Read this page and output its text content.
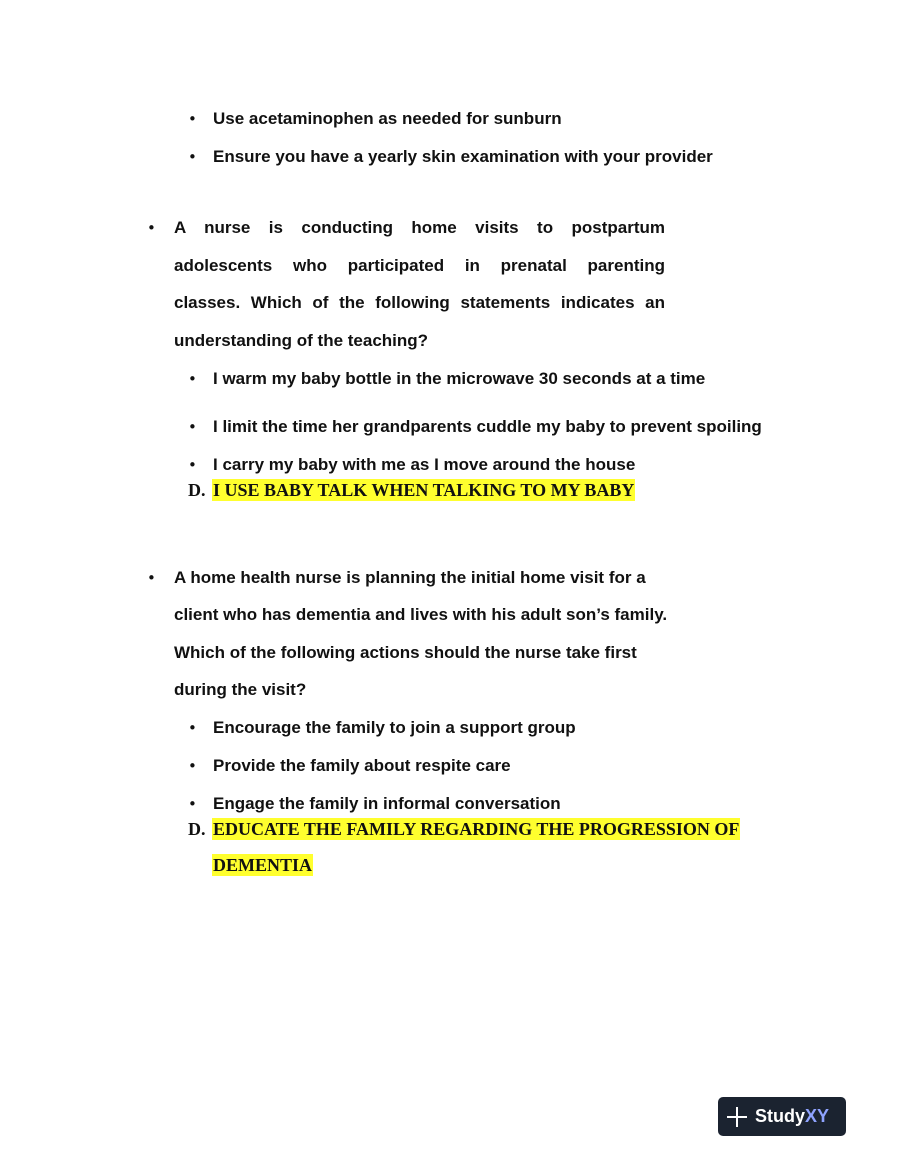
• Use acetaminophen as needed for sunburn
• Ensure you have a yearly skin examination with your provider
• A nurse is conducting home visits to postpartum
adolescents who participated in prenatal parenting
classes. Which of the following statements indicates an
understanding of the teaching?
• I warm my baby bottle in the microwave 30 seconds at a time
• I limit the time her grandparents cuddle my baby to prevent spoiling
• I carry my baby with me as I move around the house
D. I USE BABY TALK WHEN TALKING TO MY BABY
• A home health nurse is planning the initial home visit for a
client who has dementia and lives with his adult son’s family.
Which of the following actions should the nurse take first
during the visit?
• Encourage the family to join a support group
• Provide the family about respite care
• Engage the family in informal conversation
D. EDUCATE THE FAMILY REGARDING THE PROGRESSION OF
DEMENTIA
StudyXY
